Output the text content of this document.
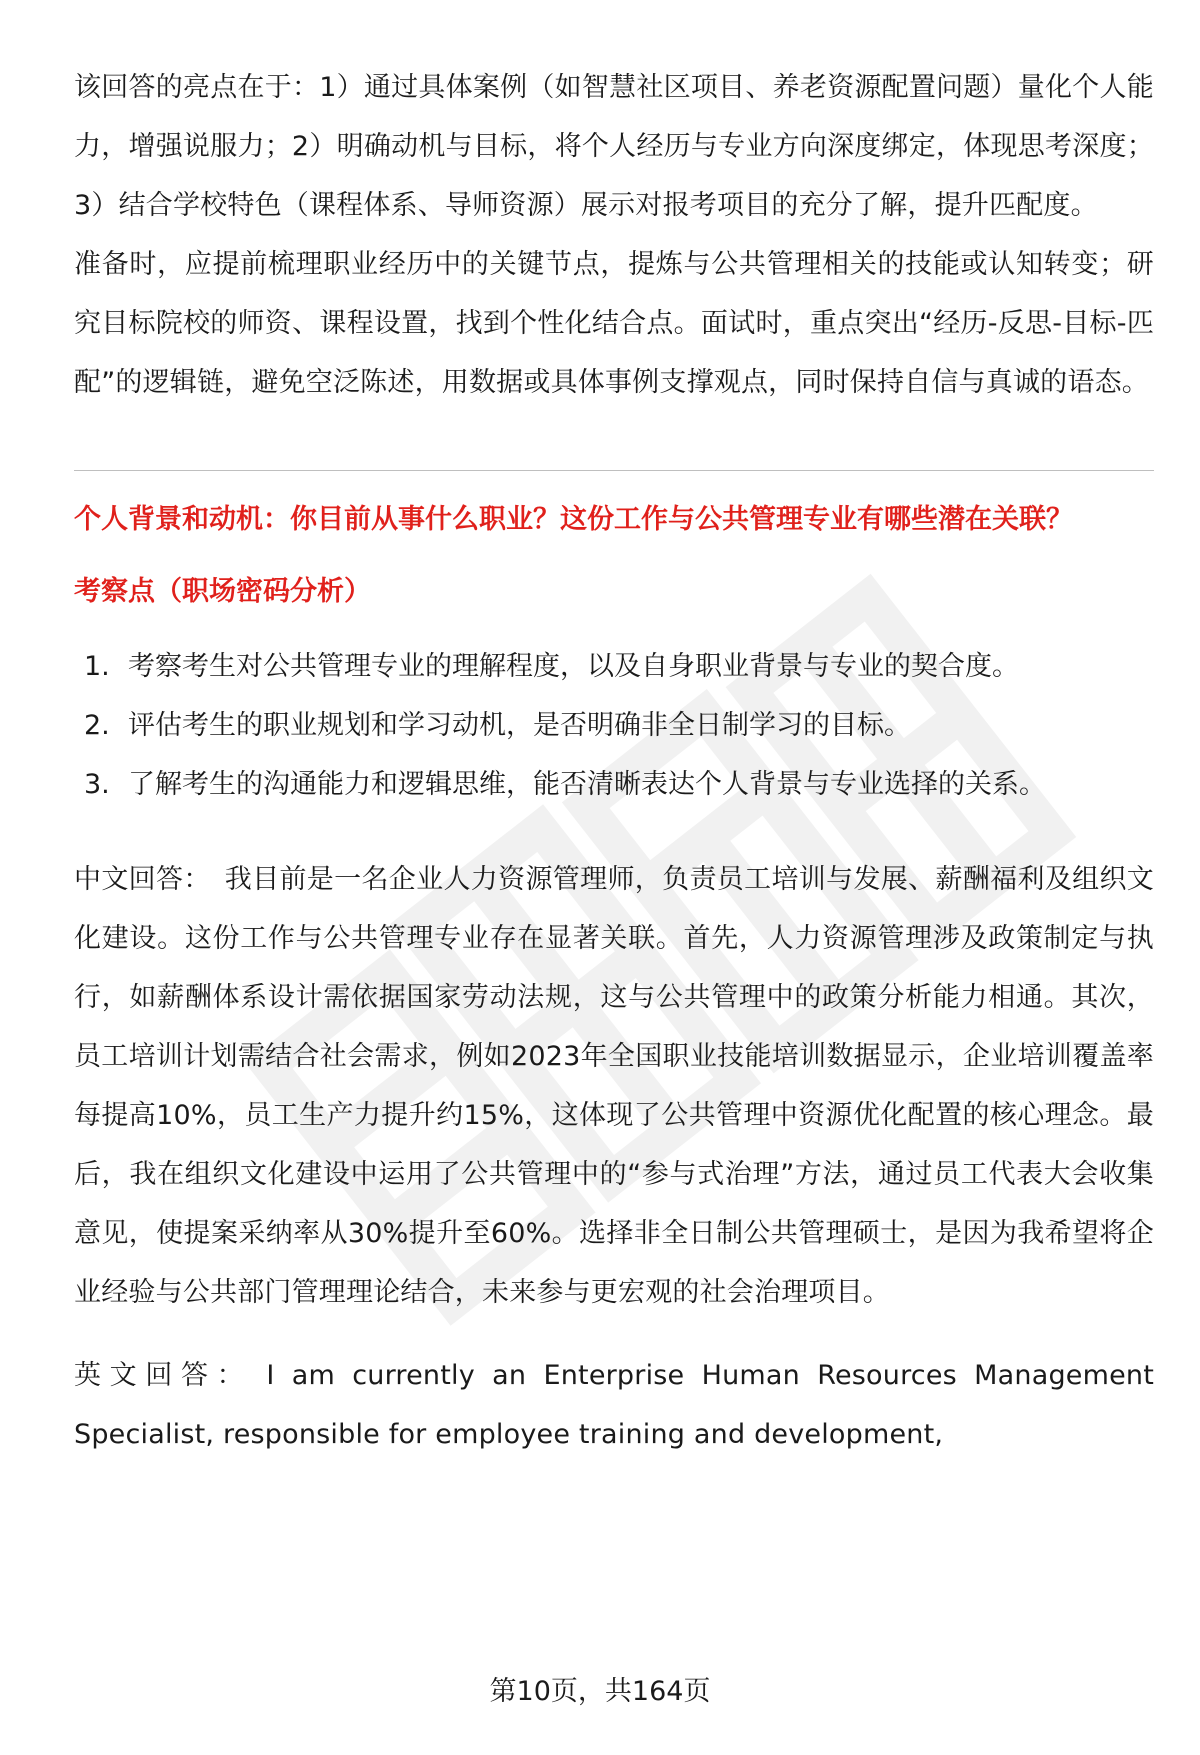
该回答的亮点在于：1）通过具体案例（如智慧社区项目、养老资源配置问题）量化个人能力，增强说服力；2）明确动机与目标，将个人经历与专业方向深度绑定，体现思考深度；3）结合学校特色（课程体系、导师资源）展示对报考项目的充分了解，提升匹配度。

准备时，应提前梳理职业经历中的关键节点，提炼与公共管理相关的技能或认知转变；研究目标院校的师资、课程设置，找到个性化结合点。面试时，重点突出“经历-反思-目标-匹配”的逻辑链，避免空泛陈述，用数据或具体事例支撑观点，同时保持自信与真诚的语态。

个人背景和动机：你目前从事什么职业？这份工作与公共管理专业有哪些潜在关联？

考察点（职场密码分析）

1. 考察考生对公共管理专业的理解程度，以及自身职业背景与专业的契合度。
2. 评估考生的职业规划和学习动机，是否明确非全日制学习的目标。
3. 了解考生的沟通能力和逻辑思维，能否清晰表达个人背景与专业选择的关系。

中文回答： 我目前是一名企业人力资源管理师，负责员工培训与发展、薪酬福利及组织文化建设。这份工作与公共管理专业存在显著关联。首先，人力资源管理涉及政策制定与执行，如薪酬体系设计需依据国家劳动法规，这与公共管理中的政策分析能力相通。其次，员工培训计划需结合社会需求，例如2023年全国职业技能培训数据显示，企业培训覆盖率每提高10%，员工生产力提升约15%，这体现了公共管理中资源优化配置的核心理念。最后，我在组织文化建设中运用了公共管理中的“参与式治理”方法，通过员工代表大会收集意见，使提案采纳率从30%提升至60%。选择非全日制公共管理硕士，是因为我希望将企业经验与公共部门管理理论结合，未来参与更宏观的社会治理项目。

英文回答： I am currently an Enterprise Human Resources Management Specialist, responsible for employee training and development,

第10页，共164页
